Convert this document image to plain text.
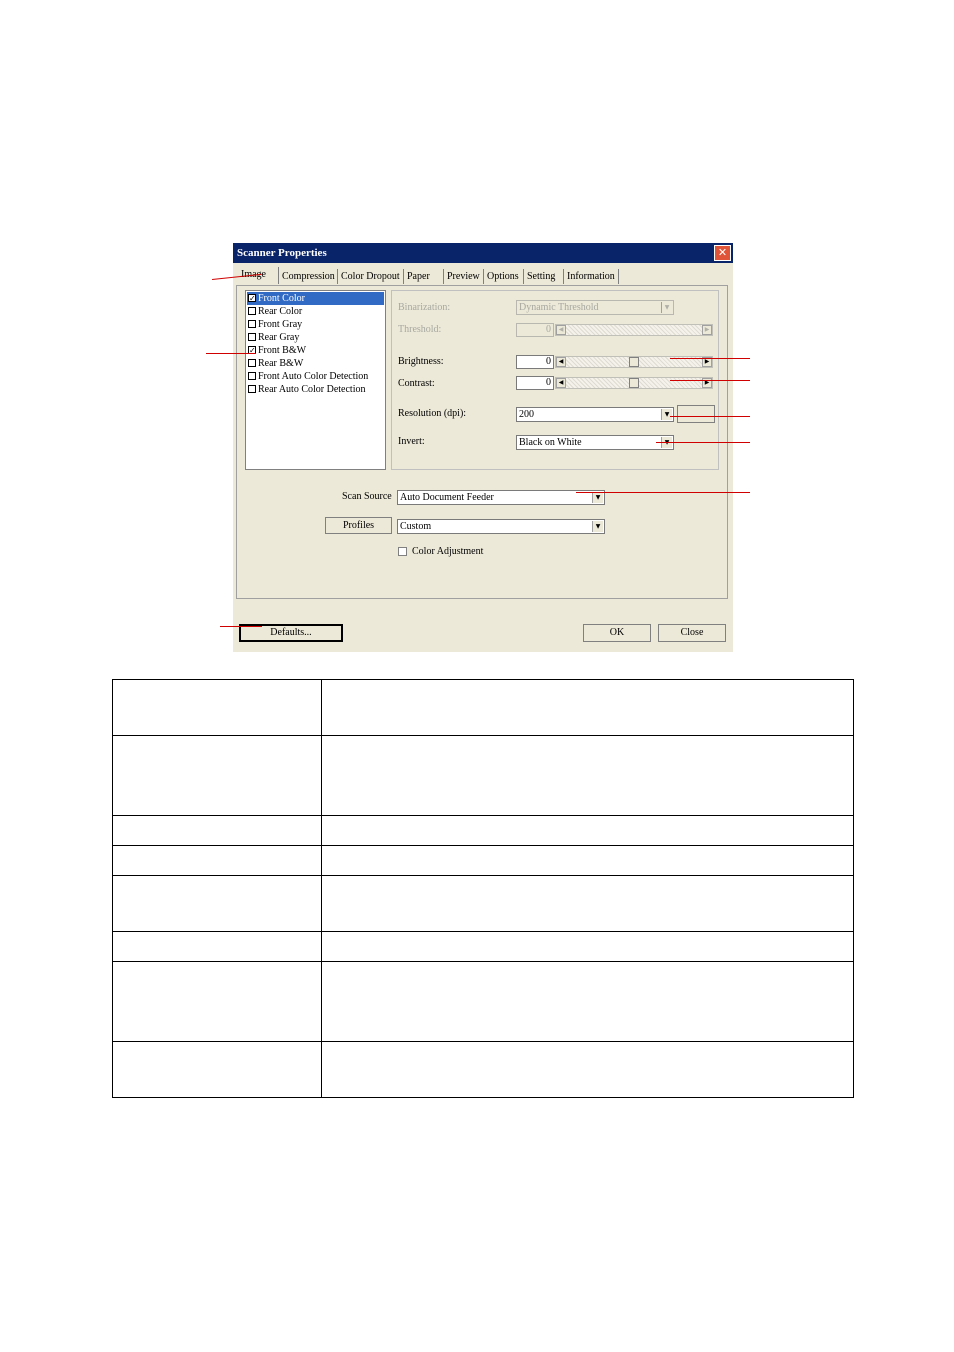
Scanner Properties	✕
Image	Compression Color Dropout Paper	Preview Options Setting	Information
✓ Front Color
Rear Color
Front Gray
Rear Gray
✓ Front B&W
Rear B&W
Front Auto Color Detection
Rear Auto Color Detection
Binarization:	Dynamic Threshold	▼
Threshold:	0	◀	▶
Brightness:	0	◀	▶
Contrast:	0	◀	▶
Resolution (dpi):	200	▼
Invert:	Black on White	▼
Scan Source Auto Document Feeder	▼
Profiles	Custom	▼
Color Adjustment
Defaults...	OK	Close
